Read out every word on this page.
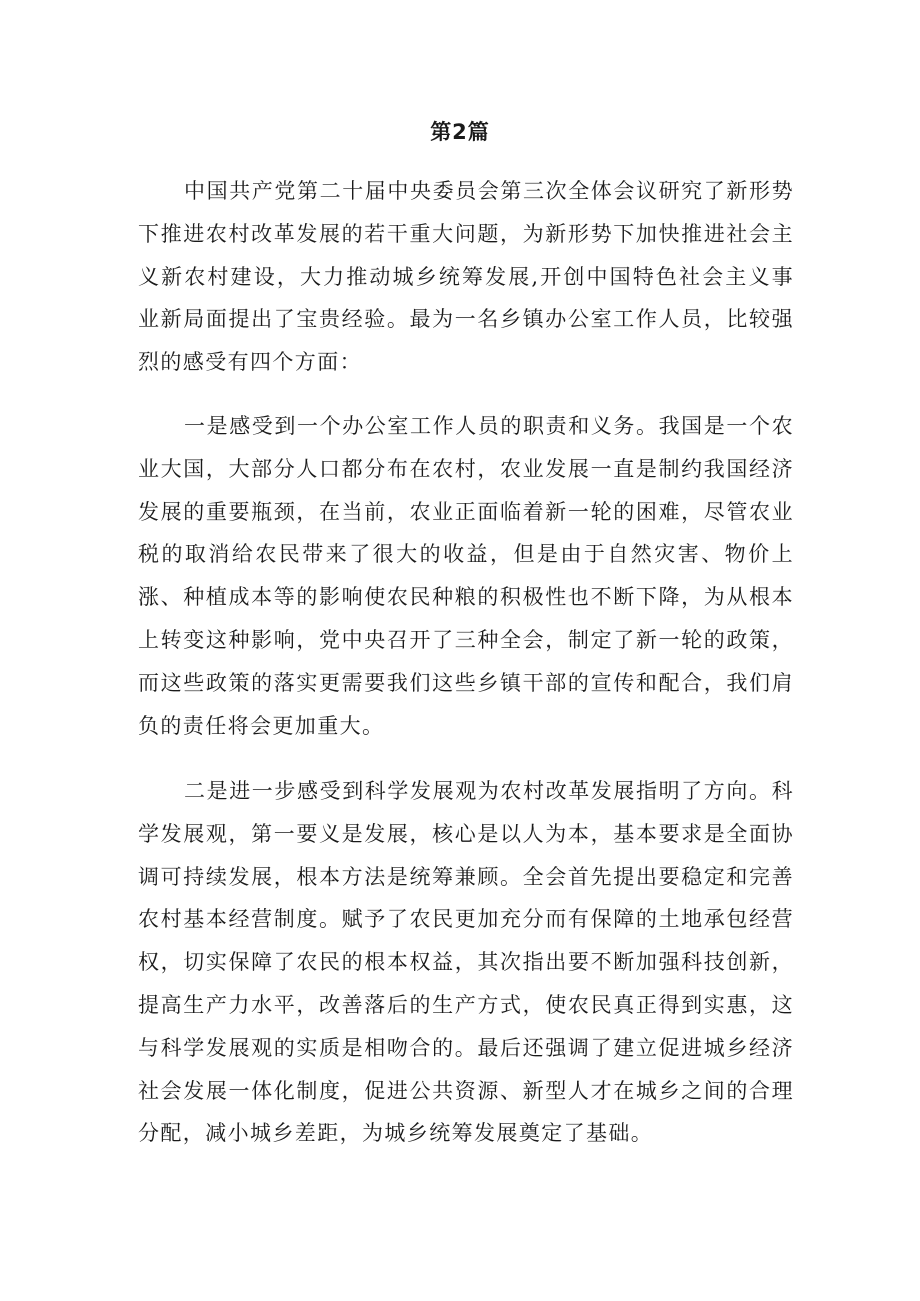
第2篇

中国共产党第二十届中央委员会第三次全体会议研究了新形势下推进农村改革发展的若干重大问题，为新形势下加快推进社会主义新农村建设，大力推动城乡统筹发展,开创中国特色社会主义事业新局面提出了宝贵经验。最为一名乡镇办公室工作人员，比较强烈的感受有四个方面：

一是感受到一个办公室工作人员的职责和义务。我国是一个农业大国，大部分人口都分布在农村，农业发展一直是制约我国经济发展的重要瓶颈，在当前，农业正面临着新一轮的困难，尽管农业税的取消给农民带来了很大的收益，但是由于自然灾害、物价上涨、种植成本等的影响使农民种粮的积极性也不断下降，为从根本上转变这种影响，党中央召开了三种全会，制定了新一轮的政策，而这些政策的落实更需要我们这些乡镇干部的宣传和配合，我们肩负的责任将会更加重大。

二是进一步感受到科学发展观为农村改革发展指明了方向。科学发展观，第一要义是发展，核心是以人为本，基本要求是全面协调可持续发展，根本方法是统筹兼顾。全会首先提出要稳定和完善农村基本经营制度。赋予了农民更加充分而有保障的土地承包经营权，切实保障了农民的根本权益，其次指出要不断加强科技创新，提高生产力水平，改善落后的生产方式，使农民真正得到实惠，这与科学发展观的实质是相吻合的。最后还强调了建立促进城乡经济社会发展一体化制度，促进公共资源、新型人才在城乡之间的合理分配，减小城乡差距，为城乡统筹发展奠定了基础。
